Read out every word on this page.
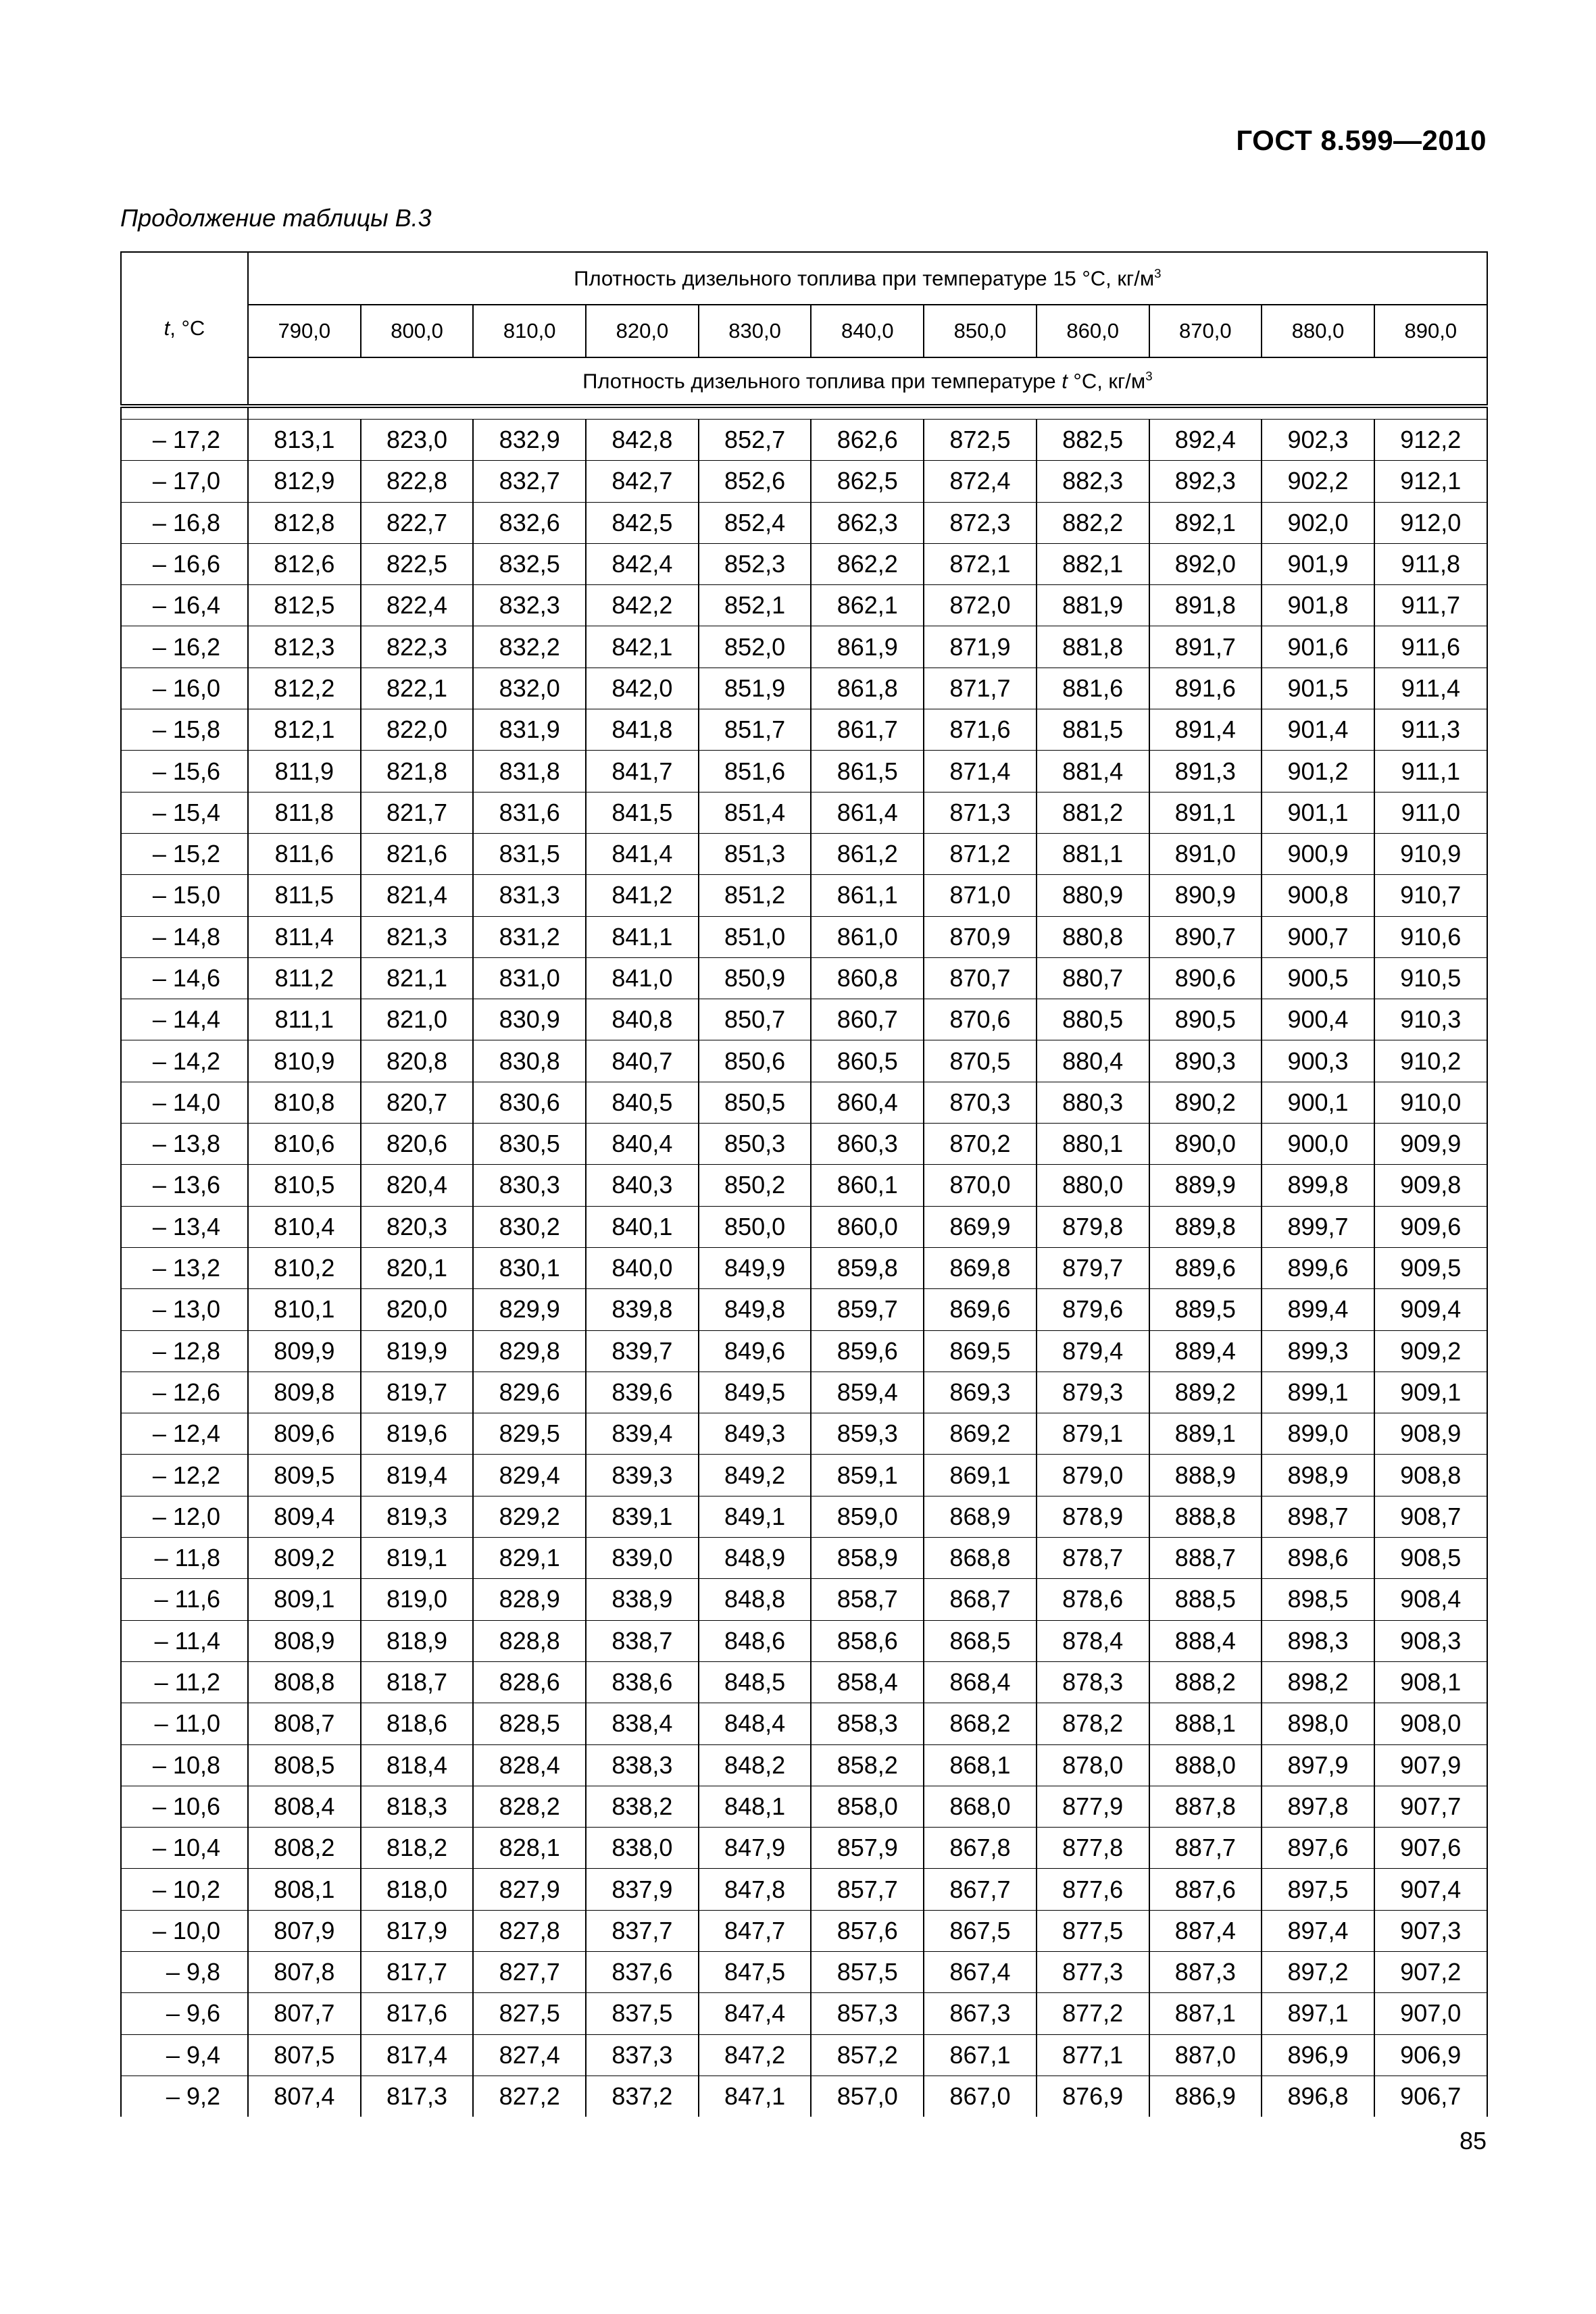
ГОСТ 8.599—2010
Продолжение таблицы В.3
t, °C	Плотность дизельного топлива при температуре 15 °C, $кг/м^3$
	790,0	800,0	810,0	820,0	830,0	840,0	850,0	860,0	870,0	880,0	890,0
	Плотность дизельного топлива при температуре t °C, $кг/м^3$

– 17,2	813,1	823,0	832,9	842,8	852,7	862,6	872,5	882,5	892,4	902,3	912,2
– 17,0	812,9	822,8	832,7	842,7	852,6	862,5	872,4	882,3	892,3	902,2	912,1
– 16,8	812,8	822,7	832,6	842,5	852,4	862,3	872,3	882,2	892,1	902,0	912,0
– 16,6	812,6	822,5	832,5	842,4	852,3	862,2	872,1	882,1	892,0	901,9	911,8
– 16,4	812,5	822,4	832,3	842,2	852,1	862,1	872,0	881,9	891,8	901,8	911,7
– 16,2	812,3	822,3	832,2	842,1	852,0	861,9	871,9	881,8	891,7	901,6	911,6
– 16,0	812,2	822,1	832,0	842,0	851,9	861,8	871,7	881,6	891,6	901,5	911,4
– 15,8	812,1	822,0	831,9	841,8	851,7	861,7	871,6	881,5	891,4	901,4	911,3
– 15,6	811,9	821,8	831,8	841,7	851,6	861,5	871,4	881,4	891,3	901,2	911,1
– 15,4	811,8	821,7	831,6	841,5	851,4	861,4	871,3	881,2	891,1	901,1	911,0
– 15,2	811,6	821,6	831,5	841,4	851,3	861,2	871,2	881,1	891,0	900,9	910,9
– 15,0	811,5	821,4	831,3	841,2	851,2	861,1	871,0	880,9	890,9	900,8	910,7
– 14,8	811,4	821,3	831,2	841,1	851,0	861,0	870,9	880,8	890,7	900,7	910,6
– 14,6	811,2	821,1	831,0	841,0	850,9	860,8	870,7	880,7	890,6	900,5	910,5
– 14,4	811,1	821,0	830,9	840,8	850,7	860,7	870,6	880,5	890,5	900,4	910,3
– 14,2	810,9	820,8	830,8	840,7	850,6	860,5	870,5	880,4	890,3	900,3	910,2
– 14,0	810,8	820,7	830,6	840,5	850,5	860,4	870,3	880,3	890,2	900,1	910,0
– 13,8	810,6	820,6	830,5	840,4	850,3	860,3	870,2	880,1	890,0	900,0	909,9
– 13,6	810,5	820,4	830,3	840,3	850,2	860,1	870,0	880,0	889,9	899,8	909,8
– 13,4	810,4	820,3	830,2	840,1	850,0	860,0	869,9	879,8	889,8	899,7	909,6
– 13,2	810,2	820,1	830,1	840,0	849,9	859,8	869,8	879,7	889,6	899,6	909,5
– 13,0	810,1	820,0	829,9	839,8	849,8	859,7	869,6	879,6	889,5	899,4	909,4
– 12,8	809,9	819,9	829,8	839,7	849,6	859,6	869,5	879,4	889,4	899,3	909,2
– 12,6	809,8	819,7	829,6	839,6	849,5	859,4	869,3	879,3	889,2	899,1	909,1
– 12,4	809,6	819,6	829,5	839,4	849,3	859,3	869,2	879,1	889,1	899,0	908,9
– 12,2	809,5	819,4	829,4	839,3	849,2	859,1	869,1	879,0	888,9	898,9	908,8
– 12,0	809,4	819,3	829,2	839,1	849,1	859,0	868,9	878,9	888,8	898,7	908,7
– 11,8	809,2	819,1	829,1	839,0	848,9	858,9	868,8	878,7	888,7	898,6	908,5
– 11,6	809,1	819,0	828,9	838,9	848,8	858,7	868,7	878,6	888,5	898,5	908,4
– 11,4	808,9	818,9	828,8	838,7	848,6	858,6	868,5	878,4	888,4	898,3	908,3
– 11,2	808,8	818,7	828,6	838,6	848,5	858,4	868,4	878,3	888,2	898,2	908,1
– 11,0	808,7	818,6	828,5	838,4	848,4	858,3	868,2	878,2	888,1	898,0	908,0
– 10,8	808,5	818,4	828,4	838,3	848,2	858,2	868,1	878,0	888,0	897,9	907,9
– 10,6	808,4	818,3	828,2	838,2	848,1	858,0	868,0	877,9	887,8	897,8	907,7
– 10,4	808,2	818,2	828,1	838,0	847,9	857,9	867,8	877,8	887,7	897,6	907,6
– 10,2	808,1	818,0	827,9	837,9	847,8	857,7	867,7	877,6	887,6	897,5	907,4
– 10,0	807,9	817,9	827,8	837,7	847,7	857,6	867,5	877,5	887,4	897,4	907,3
– 9,8	807,8	817,7	827,7	837,6	847,5	857,5	867,4	877,3	887,3	897,2	907,2
– 9,6	807,7	817,6	827,5	837,5	847,4	857,3	867,3	877,2	887,1	897,1	907,0
– 9,4	807,5	817,4	827,4	837,3	847,2	857,2	867,1	877,1	887,0	896,9	906,9
– 9,2	807,4	817,3	827,2	837,2	847,1	857,0	867,0	876,9	886,9	896,8	906,7
85
